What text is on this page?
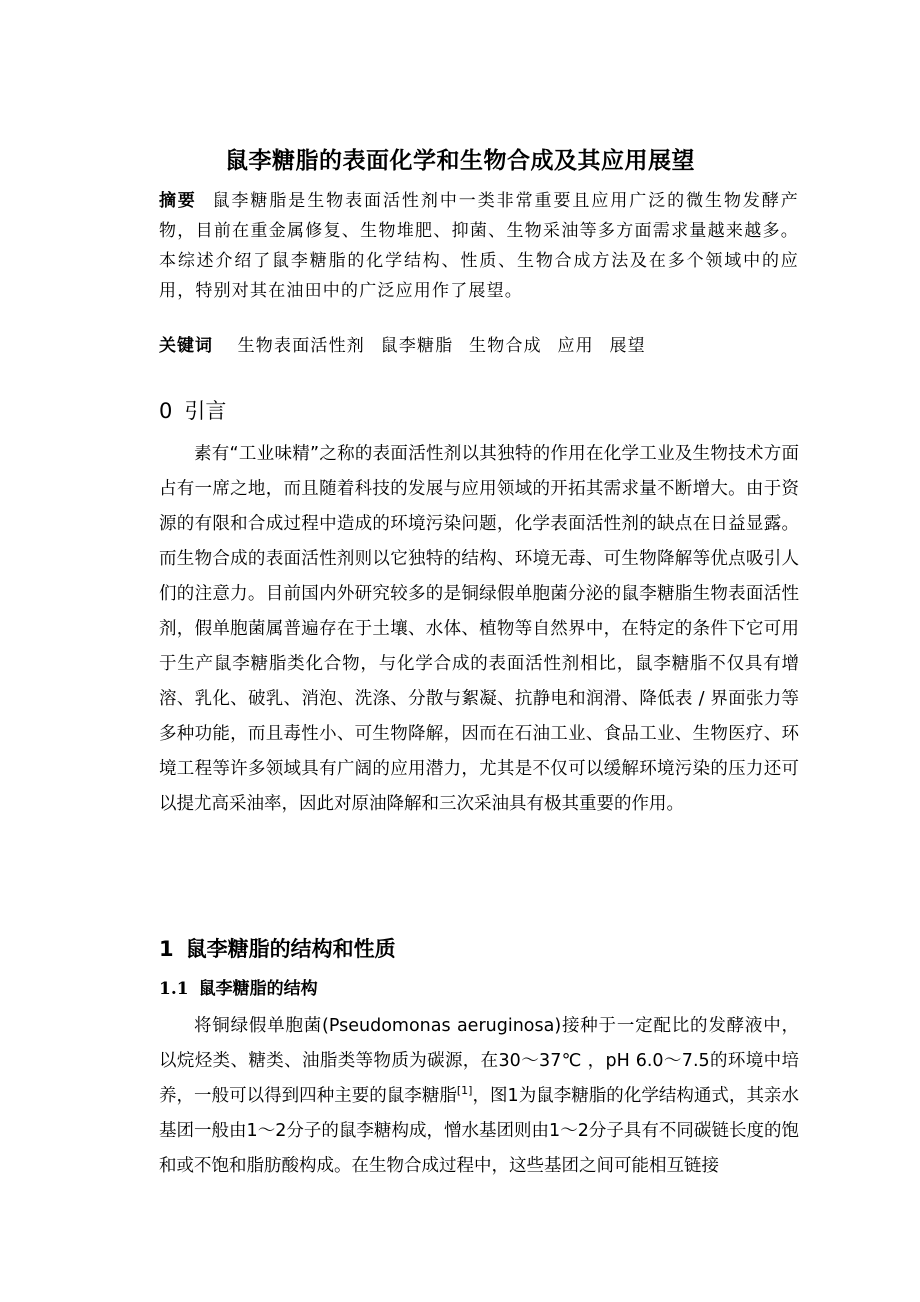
鼠李糖脂的表面化学和生物合成及其应用展望
摘要 鼠李糖脂是生物表面活性剂中一类非常重要且应用广泛的微生物发酵产物，目前在重金属修复、生物堆肥、抑菌、生物采油等多方面需求量越来越多。本综述介绍了鼠李糖脂的化学结构、性质、生物合成方法及在多个领域中的应用，特别对其在油田中的广泛应用作了展望。
关键词 生物表面活性剂 鼠李糖脂 生物合成 应用 展望
0 引言

素有“工业味精”之称的表面活性剂以其独特的作用在化学工业及生物技术方面占有一席之地，而且随着科技的发展与应用领域的开拓其需求量不断增大。由于资源的有限和合成过程中造成的环境污染问题，化学表面活性剂的缺点在日益显露。而生物合成的表面活性剂则以它独特的结构、环境无毒、可生物降解等优点吸引人们的注意力。目前国内外研究较多的是铜绿假单胞菌分泌的鼠李糖脂生物表面活性剂，假单胞菌属普遍存在于土壤、水体、植物等自然界中，在特定的条件下它可用于生产鼠李糖脂类化合物，与化学合成的表面活性剂相比，鼠李糖脂不仅具有增溶、乳化、破乳、消泡、洗涤、分散与絮凝、抗静电和润滑、降低表 / 界面张力等多种功能，而且毒性小、可生物降解，因而在石油工业、食品工业、生物医疗、环境工程等许多领域具有广阔的应用潜力，尤其是不仅可以缓解环境污染的压力还可以提尤高采油率，因此对原油降解和三次采油具有极其重要的作用。

1 鼠李糖脂的结构和性质
1.1 鼠李糖脂的结构

将铜绿假单胞菌(Pseudomonas aeruginosa)接种于一定配比的发酵液中，以烷烃类、糖类、油脂类等物质为碳源，在30～37℃ ，pH 6.0～7.5的环境中培养，一般可以得到四种主要的鼠李糖脂[1]，图1为鼠李糖脂的化学结构通式，其亲水基团一般由1～2分子的鼠李糖构成，憎水基团则由1～2分子具有不同碳链长度的饱和或不饱和脂肪酸构成。在生物合成过程中，这些基团之间可能相互链接
